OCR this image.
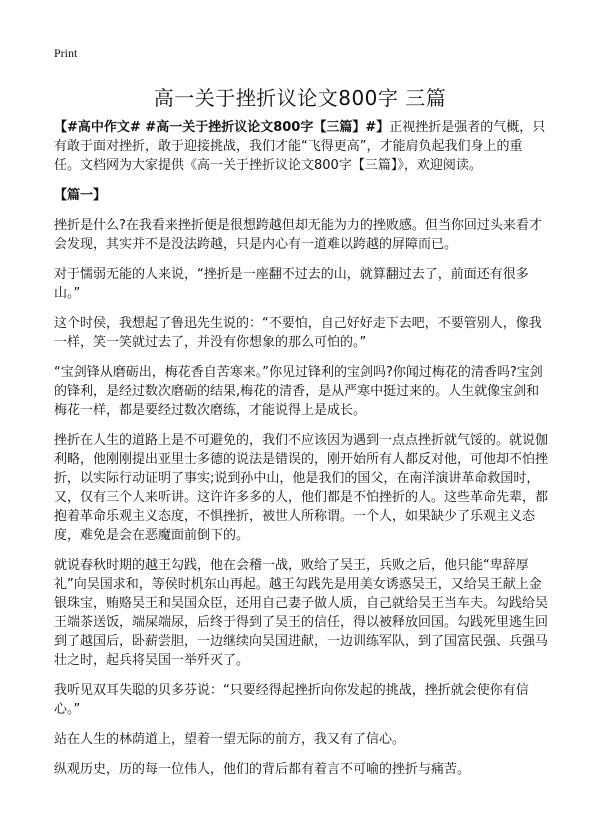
Print
高一关于挫折议论文800字 三篇

【#高中作文# #高一关于挫折议论文800字【三篇】#】正视挫折是强者的气概，只有敢于面对挫折，敢于迎接挑战，我们才能“飞得更高”，才能肩负起我们身上的重任。文档网为大家提供《高一关于挫折议论文800字【三篇】》，欢迎阅读。

【篇一】

挫折是什么?在我看来挫折便是很想跨越但却无能为力的挫败感。但当你回过头来看才会发现，其实并不是没法跨越，只是内心有一道难以跨越的屏障而已。

对于懦弱无能的人来说，“挫折是一座翻不过去的山，就算翻过去了，前面还有很多山。”

这个时侯，我想起了鲁迅先生说的：“不要怕，自己好好走下去吧，不要管别人，像我一样，笑一笑就过去了，并没有你想象的那么可怕的。”

“宝剑锋从磨砺出，梅花香自苦寒来。”你见过锋利的宝剑吗?你闻过梅花的清香吗?宝剑的锋利，是经过数次磨砺的结果,梅花的清香，是从严寒中挺过来的。人生就像宝剑和梅花一样，都是要经过数次磨练，才能说得上是成长。

挫折在人生的道路上是不可避免的，我们不应该因为遇到一点点挫折就气馁的。就说伽利略，他刚刚提出亚里士多德的说法是错误的，刚开始所有人都反对他，可他却不怕挫折，以实际行动证明了事实;说到孙中山，他是我们的国父，在南洋演讲革命救国时，又，仅有三个人来听讲。这许许多多的人，他们都是不怕挫折的人。这些革命先辈，都抱着革命乐观主义态度，不惧挫折，被世人所称谓。一个人，如果缺少了乐观主义态度，难免是会在恶魔面前倒下的。

就说春秋时期的越王勾践，他在会稽一战，败给了吴王，兵败之后，他只能“卑辞厚礼”向吴国求和，等侯时机东山再起。越王勾践先是用美女诱惑吴王，又给吴王献上金银珠宝，贿赂吴王和吴国众臣，还用自己妻子做人质，自己就给吴王当车夫。勾践给吴王端茶送饭，端屎端尿，后终于得到了吴王的信任，得以被释放回国。勾践死里逃生回到了越国后，卧薪尝胆，一边继续向吴国进献，一边训练军队，到了国富民强、兵强马壮之时，起兵将吴国一举歼灭了。

我听见双耳失聪的贝多芬说：“只要经得起挫折向你发起的挑战，挫折就会使你有信心。”

站在人生的林荫道上，望着一望无际的前方，我又有了信心。

纵观历史，历的每一位伟人，他们的背后都有着言不可喻的挫折与痛苦。
